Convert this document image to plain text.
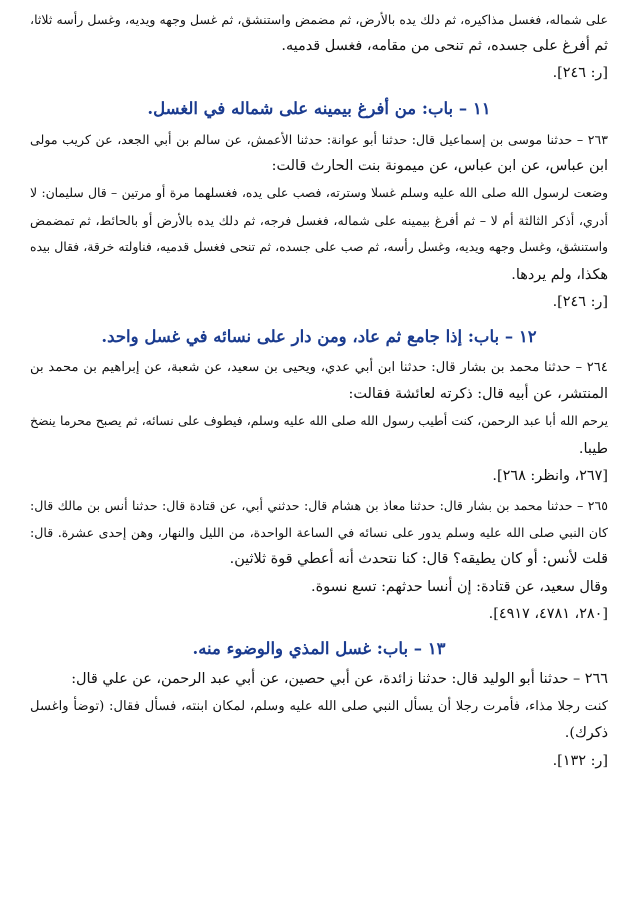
على شماله، فغسل مذاكيره، ثم دلك يده بالأرض، ثم مضمض واستنشق، ثم غسل وجهه ويديه، وغسل رأسه ثلاثا،
ثم أفرغ على جسده، ثم تنحى من مقامه، فغسل قدميه.
[ر: ٢٤٦].
١١ – باب: من أفرغ بيمينه على شماله في الغسل.
٢٦٣ – حدثنا موسى بن إسماعيل قال: حدثنا أبو عوانة: حدثنا الأعمش، عن سالم بن أبي الجعد، عن كريب مولى
ابن عباس، عن ابن عباس، عن ميمونة بنت الحارث قالت:
وضعت لرسول الله صلى الله عليه وسلم غسلا وسترته، فصب على يده، فغسلهما مرة أو مرتين – قال سليمان: لا
أدري، أذكر الثالثة أم لا – ثم أفرغ بيمينه على شماله، فغسل فرجه، ثم دلك يده بالأرض أو بالحائط، ثم تمضمض
واستنشق، وغسل وجهه ويديه، وغسل رأسه، ثم صب على جسده، ثم تنحى فغسل قدميه، فناولته خرقة، فقال بيده
هكذا، ولم يردها.
[ر: ٢٤٦].
١٢ – باب: إذا جامع ثم عاد، ومن دار على نسائه في غسل واحد.
٢٦٤ – حدثنا محمد بن بشار قال: حدثنا ابن أبي عدي، ويحيى بن سعيد، عن شعبة، عن إبراهيم بن محمد بن
المنتشر، عن أبيه قال: ذكرته لعائشة فقالت:
يرحم الله أبا عبد الرحمن، كنت أطيب رسول الله صلى الله عليه وسلم، فيطوف على نسائه، ثم يصبح محرما ينضخ
طيبا.
[٢٦٧، وانظر: ٢٦٨].
٢٦٥ – حدثنا محمد بن بشار قال: حدثنا معاذ بن هشام قال: حدثني أبي، عن قتادة قال: حدثنا أنس بن مالك قال:
كان النبي صلى الله عليه وسلم يدور على نسائه في الساعة الواحدة، من الليل والنهار، وهن إحدى عشرة. قال:
قلت لأنس: أو كان يطيقه؟ قال: كنا نتحدث أنه أعطي قوة ثلاثين.
وقال سعيد، عن قتادة: إن أنسا حدثهم: تسع نسوة.
[٢٨٠، ٤٧٨١، ٤٩١٧].
١٣ – باب: غسل المذي والوضوء منه.
٢٦٦ – حدثنا أبو الوليد قال: حدثنا زائدة، عن أبي حصين، عن أبي عبد الرحمن، عن علي قال:
كنت رجلا مذاء، فأمرت رجلا أن يسأل النبي صلى الله عليه وسلم، لمكان ابنته، فسأل فقال: (توضأ واغسل
ذكرك).
[ر: ١٣٢].
